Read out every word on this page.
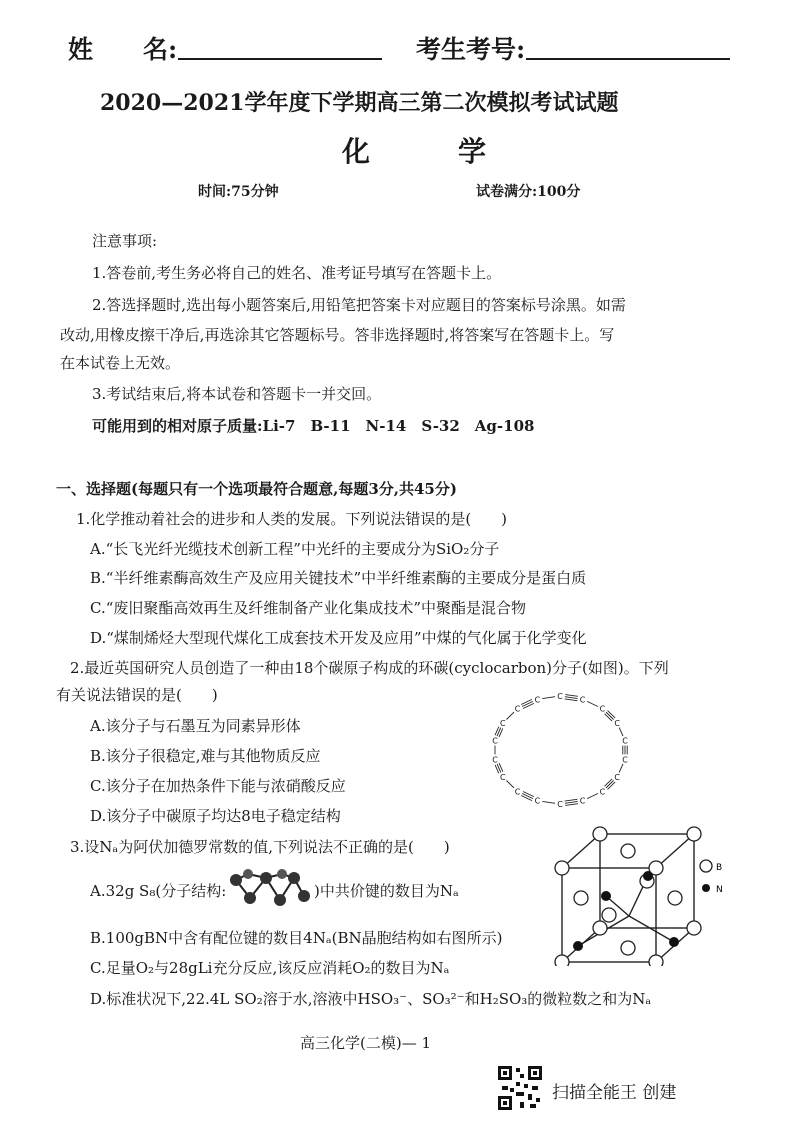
姓　　名:	考生考号:
2020—2021学年度下学期高三第二次模拟考试试题
化　学
时间:75分钟	试卷满分:100分
注意事项:
1.答卷前,考生务必将自己的姓名、准考证号填写在答题卡上。
2.答选择题时,选出每小题答案后,用铅笔把答案卡对应题目的答案标号涂黑。如需
改动,用橡皮擦干净后,再选涂其它答题标号。答非选择题时,将答案写在答题卡上。写
在本试卷上无效。
3.考试结束后,将本试卷和答题卡一并交回。
可能用到的相对原子质量:Li-7　B-11　N-14　S-32　Ag-108
一、选择题(每题只有一个选项最符合题意,每题3分,共45分)
1.化学推动着社会的进步和人类的发展。下列说法错误的是(　　)
A.“长飞光纤光缆技术创新工程”中光纤的主要成分为SiO₂分子
B.“半纤维素酶高效生产及应用关键技术”中半纤维素酶的主要成分是蛋白质
C.“废旧聚酯高效再生及纤维制备产业化集成技术”中聚酯是混合物
D.“煤制烯烃大型现代煤化工成套技术开发及应用”中煤的气化属于化学变化
2.最近英国研究人员创造了一种由18个碳原子构成的环碳(cyclocarbon)分子(如图)。下列
有关说法错误的是(　　)
A.该分子与石墨互为同素异形体
B.该分子很稳定,难与其他物质反应
C.该分子在加热条件下能与浓硝酸反应
D.该分子中碳原子均达8电子稳定结构
C C
C
C
C
C
C
C
C
C
C
C
C
C
C
C
C
C
3.设Nₐ为阿伏加德罗常数的值,下列说法不正确的是(　　)
A.32g S₈(分子结构:	)中共价键的数目为Nₐ
B.100gBN中含有配位键的数目4Nₐ(BN晶胞结构如右图所示)
C.足量O₂与28gLi充分反应,该反应消耗O₂的数目为Nₐ
D.标准状况下,22.4L SO₂溶于水,溶液中HSO₃⁻、SO₃²⁻和H₂SO₃的微粒数之和为Nₐ
B
N
高三化学(二模)— 1
扫描全能王 创建
